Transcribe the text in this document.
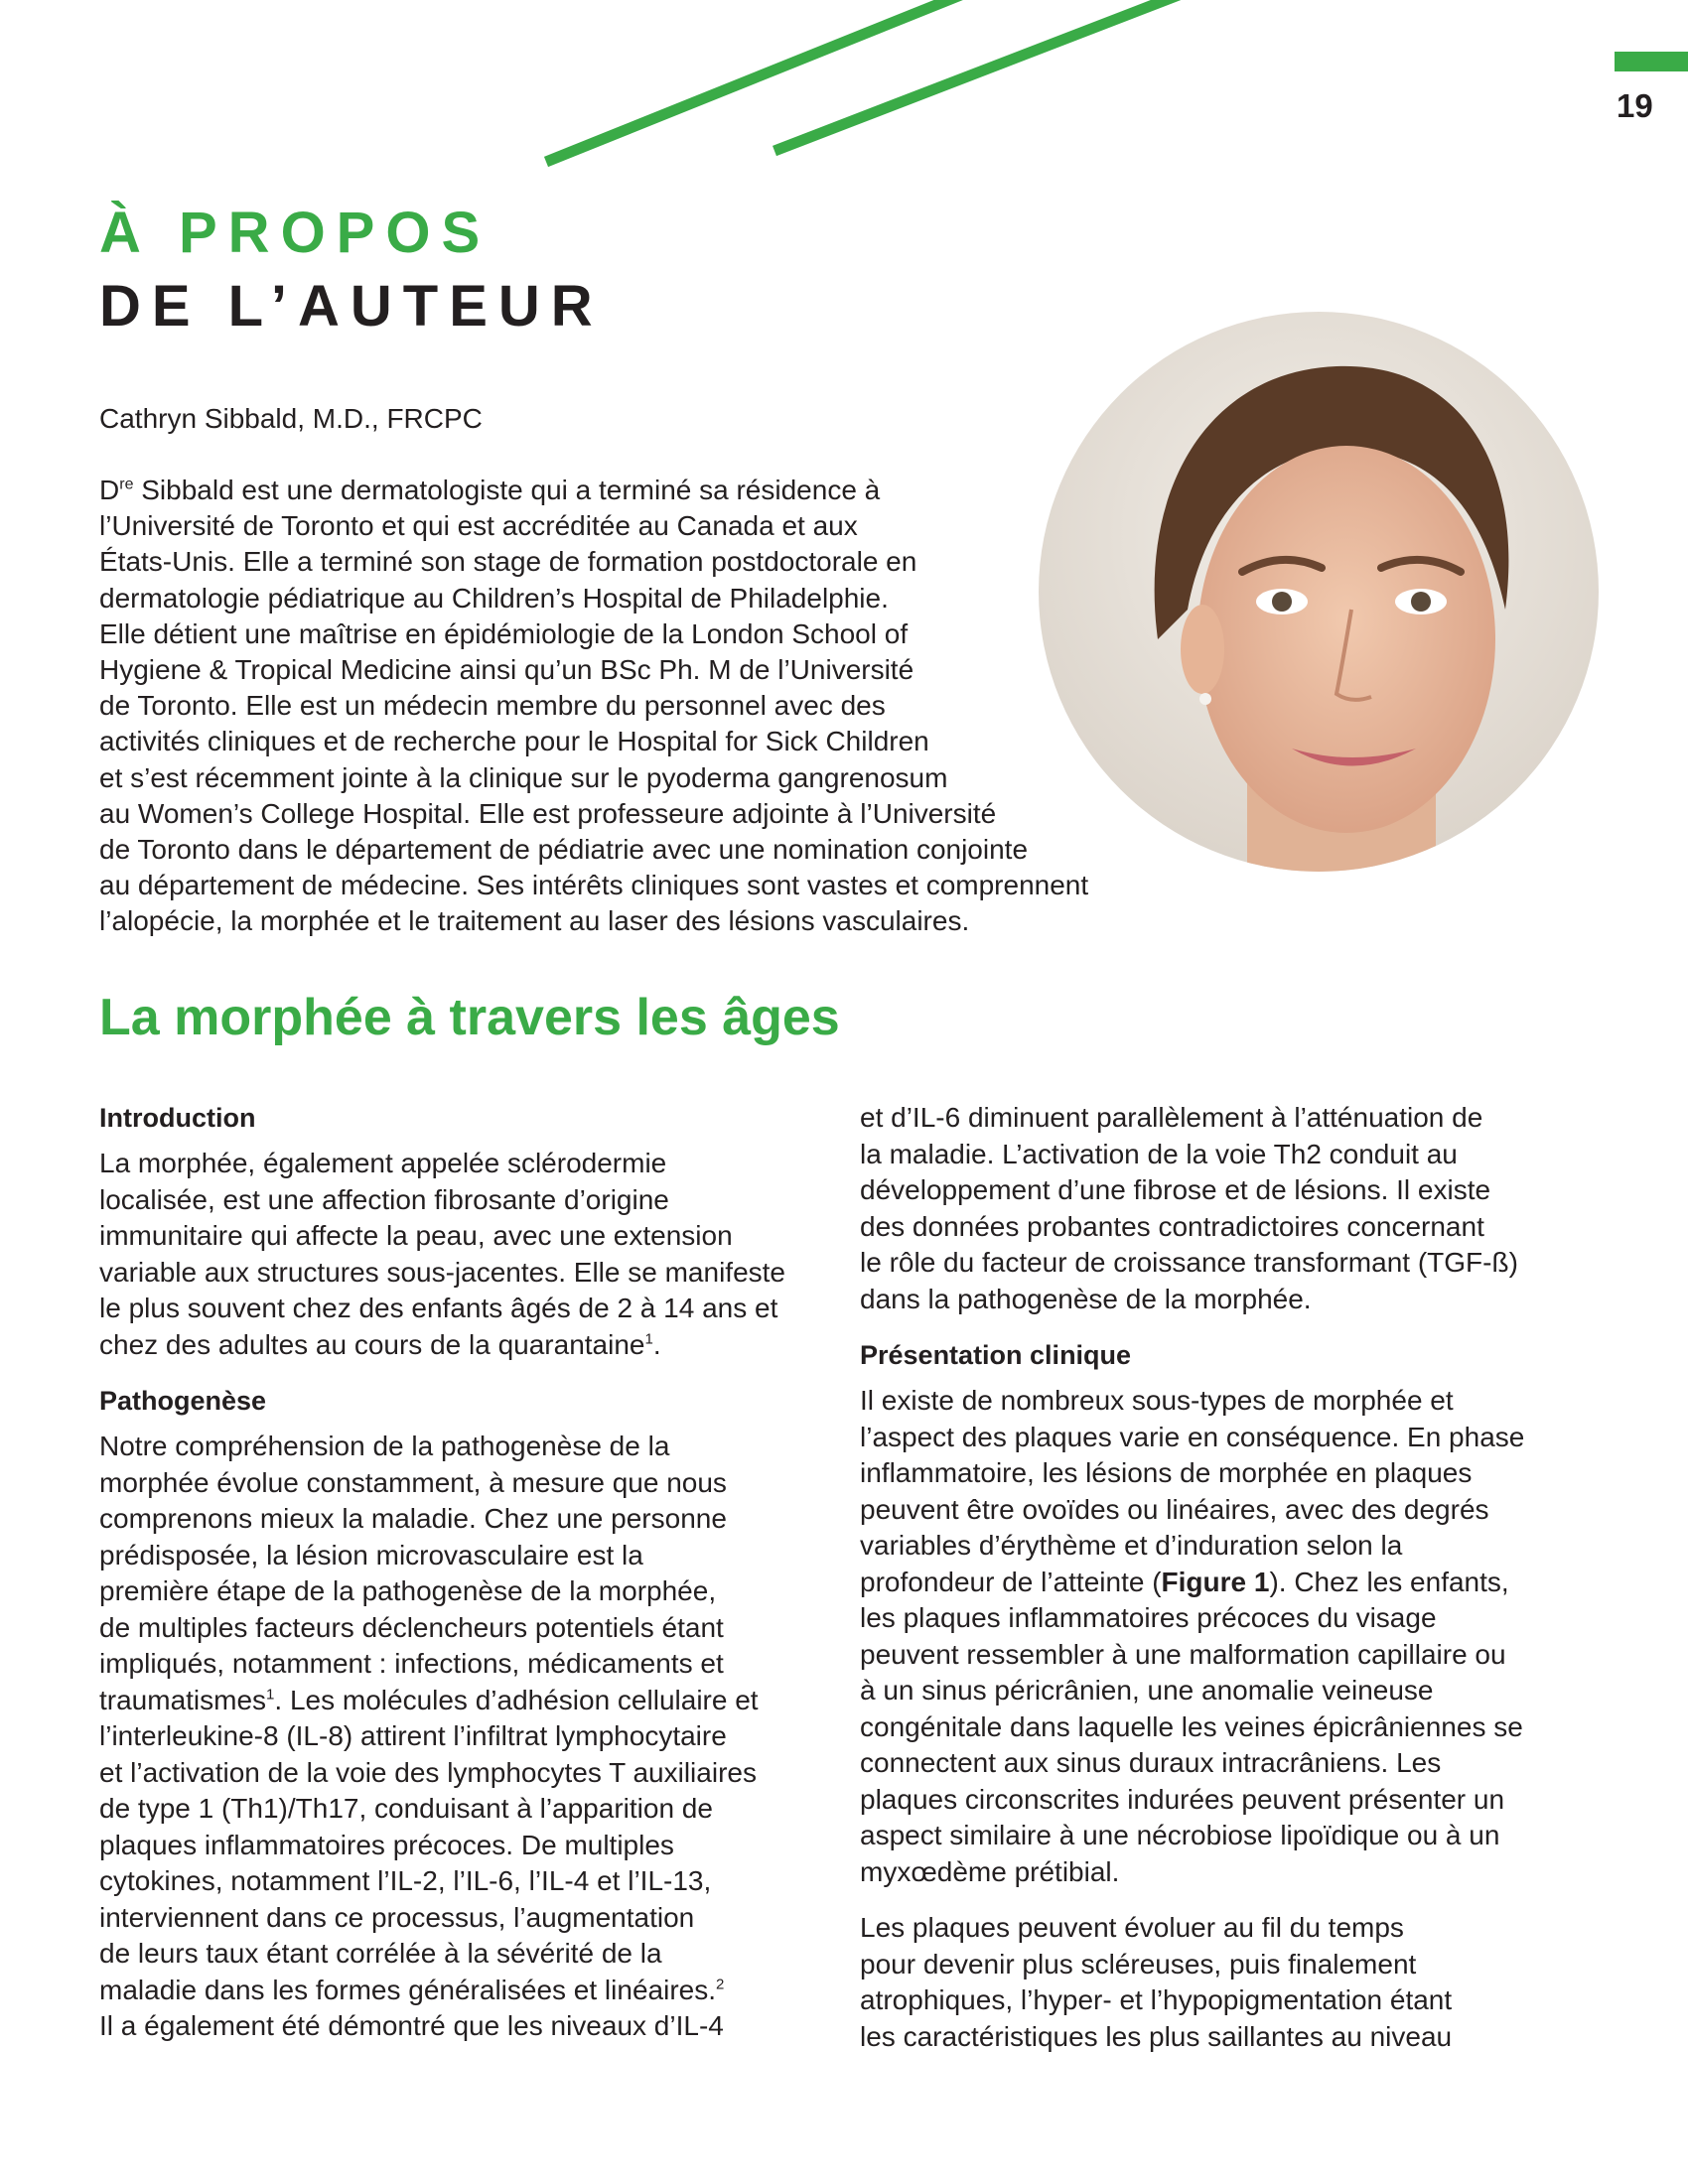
19
À PROPOS
DE L’AUTEUR
Cathryn Sibbald, M.D., FRCPC

Dre Sibbald est une dermatologiste qui a terminé sa résidence à
l’Université de Toronto et qui est accréditée au Canada et aux
États-Unis. Elle a terminé son stage de formation postdoctorale en
dermatologie pédiatrique au Children’s Hospital de Philadelphie.
Elle détient une maîtrise en épidémiologie de la London School of
Hygiene & Tropical Medicine ainsi qu’un BSc Ph. M de l’Université
de Toronto. Elle est un médecin membre du personnel avec des
activités cliniques et de recherche pour le Hospital for Sick Children
et s’est récemment jointe à la clinique sur le pyoderma gangrenosum
au Women’s College Hospital. Elle est professeure adjointe à l’Université
de Toronto dans le département de pédiatrie avec une nomination conjointe
au département de médecine. Ses intérêts cliniques sont vastes et comprennent
l’alopécie, la morphée et le traitement au laser des lésions vasculaires.

La morphée à travers les âges
Introduction

La morphée, également appelée sclérodermie
localisée, est une affection fibrosante d’origine
immunitaire qui affecte la peau, avec une extension
variable aux structures sous-jacentes. Elle se manifeste
le plus souvent chez des enfants âgés de 2 à 14 ans et
chez des adultes au cours de la quarantaine$^1$.

Pathogenèse

Notre compréhension de la pathogenèse de la
morphée évolue constamment, à mesure que nous
comprenons mieux la maladie. Chez une personne
prédisposée, la lésion microvasculaire est la
première étape de la pathogenèse de la morphée,
de multiples facteurs déclencheurs potentiels étant
impliqués, notamment : infections, médicaments et
traumatismes$^1$. Les molécules d’adhésion cellulaire et
l’interleukine-8 (IL-8) attirent l’infiltrat lymphocytaire
et l’activation de la voie des lymphocytes T auxiliaires
de type 1 (Th1)/Th17, conduisant à l’apparition de
plaques inflammatoires précoces. De multiples
cytokines, notamment l’IL-2, l’IL-6, l’IL-4 et l’IL-13,
interviennent dans ce processus, l’augmentation
de leurs taux étant corrélée à la sévérité de la
maladie dans les formes généralisées et linéaires.$^2$
Il a également été démontré que les niveaux d’IL-4

et d’IL-6 diminuent parallèlement à l’atténuation de
la maladie. L’activation de la voie Th2 conduit au
développement d’une fibrose et de lésions. Il existe
des données probantes contradictoires concernant
le rôle du facteur de croissance transformant (TGF-ß)
dans la pathogenèse de la morphée.

Présentation clinique

Il existe de nombreux sous-types de morphée et
l’aspect des plaques varie en conséquence. En phase
inflammatoire, les lésions de morphée en plaques
peuvent être ovoïdes ou linéaires, avec des degrés
variables d’érythème et d’induration selon la
profondeur de l’atteinte (Figure 1). Chez les enfants,
les plaques inflammatoires précoces du visage
peuvent ressembler à une malformation capillaire ou
à un sinus péricrânien, une anomalie veineuse
congénitale dans laquelle les veines épicrâniennes se
connectent aux sinus duraux intracrâniens. Les
plaques circonscrites indurées peuvent présenter un
aspect similaire à une nécrobiose lipoïdique ou à un
myxœdème prétibial.

Les plaques peuvent évoluer au fil du temps
pour devenir plus scléreuses, puis finalement
atrophiques, l’hyper- et l’hypopigmentation étant
les caractéristiques les plus saillantes au niveau
